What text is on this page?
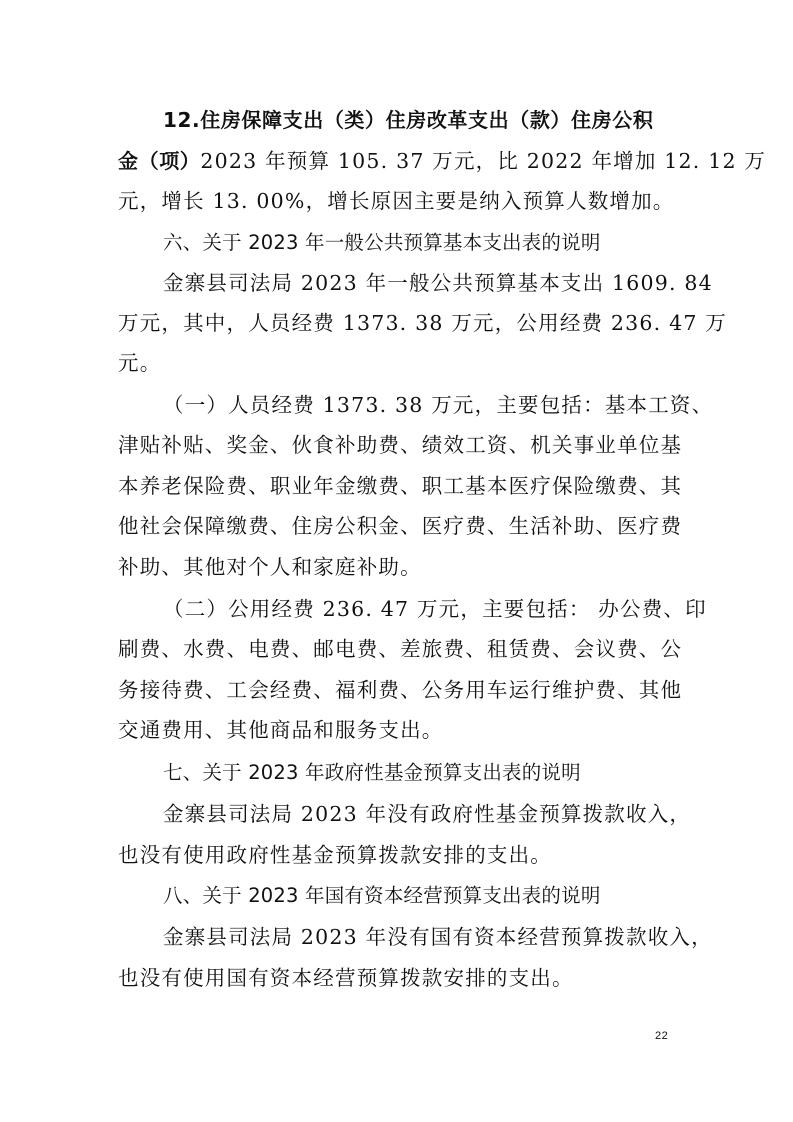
12.住房保障支出（类）住房改革支出（款）住房公积
金（项）2023 年预算 105. 37 万元，比 2022 年增加 12. 12 万
元，增长 13. 00%，增长原因主要是纳入预算人数增加。
六、关于 2023 年一般公共预算基本支出表的说明
金寨县司法局 2023 年一般公共预算基本支出 1609. 84
万元，其中，人员经费 1373. 38 万元，公用经费 236. 47 万
元。
（一）人员经费 1373. 38 万元，主要包括：基本工资、
津贴补贴、奖金、伙食补助费、绩效工资、机关事业单位基
本养老保险费、职业年金缴费、职工基本医疗保险缴费、其
他社会保障缴费、住房公积金、医疗费、生活补助、医疗费
补助、其他对个人和家庭补助。
（二）公用经费 236. 47 万元，主要包括： 办公费、印
刷费、水费、电费、邮电费、差旅费、租赁费、会议费、公
务接待费、工会经费、福利费、公务用车运行维护费、其他
交通费用、其他商品和服务支出。
七、关于 2023 年政府性基金预算支出表的说明
金寨县司法局 2023 年没有政府性基金预算拨款收入，
也没有使用政府性基金预算拨款安排的支出。
八、关于 2023 年国有资本经营预算支出表的说明
金寨县司法局 2023 年没有国有资本经营预算拨款收入，
也没有使用国有资本经营预算拨款安排的支出。
22
